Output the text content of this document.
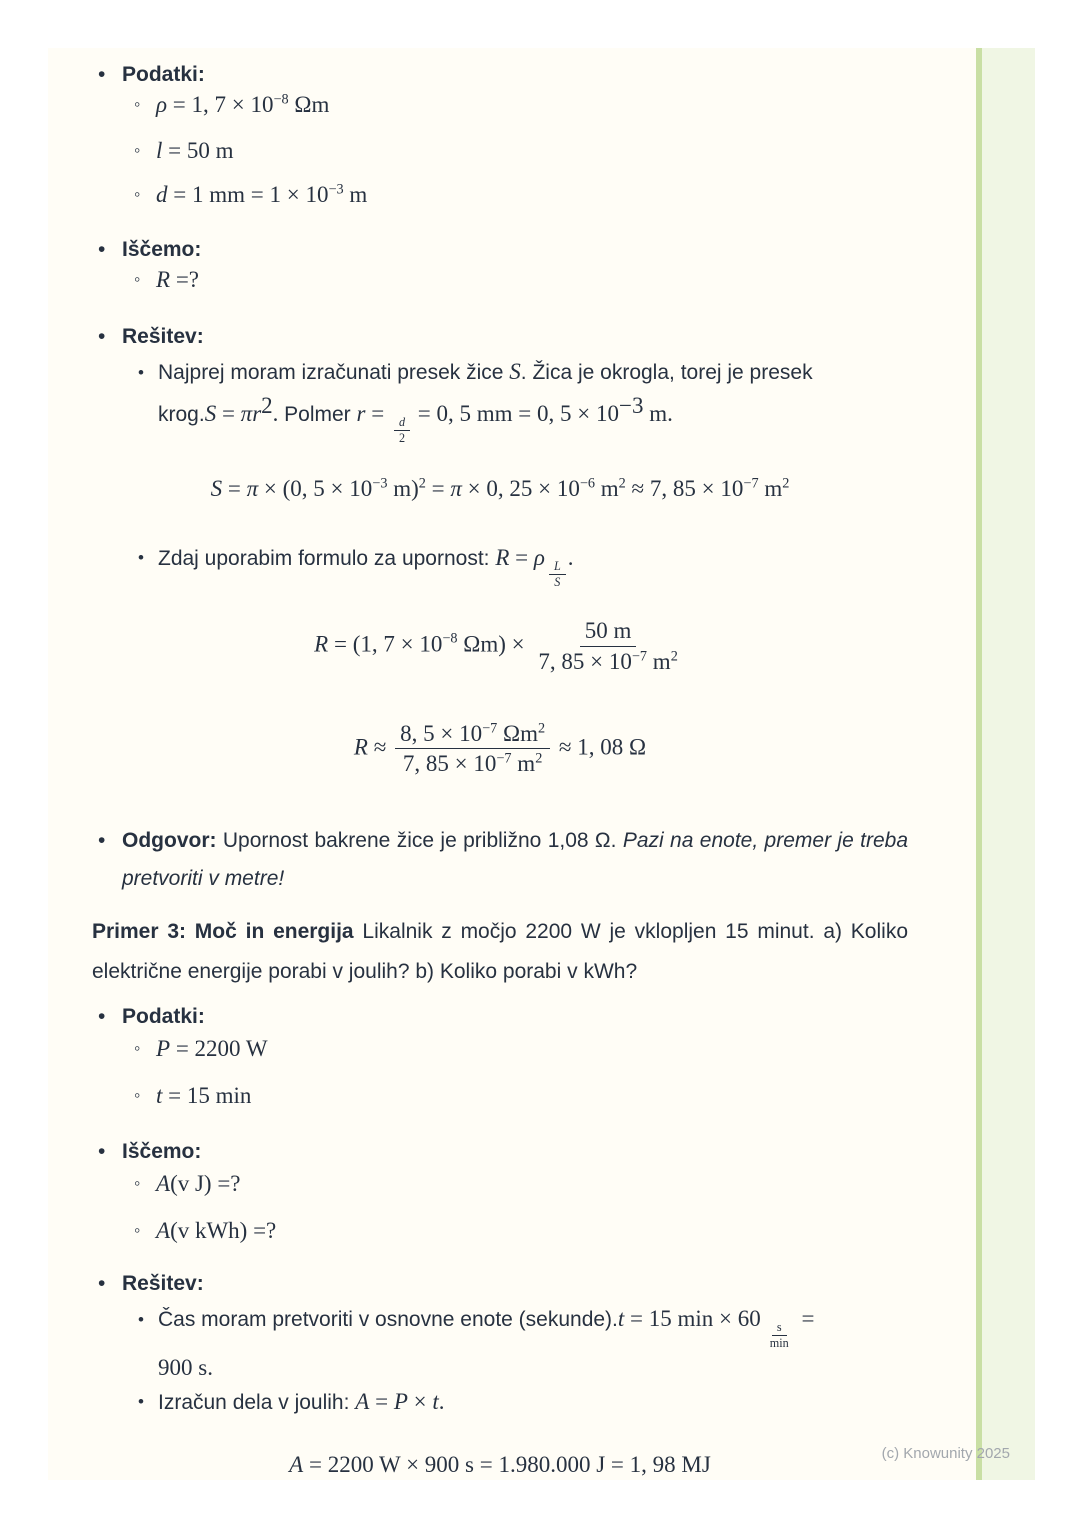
• Podatki:
◦ ρ = 1, $7 \times 10^{-8}$ Ωm
◦ l = 50 m
◦ d = 1 mm = $1 \times 10^{-3}$ m
• Iščemo:
◦ R =?
• Rešitev:
• Najprej moram izračunati presek žice S. Žica je okrogla, torej je presek
krog.S = $\pi r^2$. Polmer r =
$\frac{d}{2}$
= 0, 5 mm = 0, $5 \times 10^{-3}$ m.
S = π × (0, $5 \times 10^{-3}$ m)$^2$ = π × 0, $25 \times 10^{-6}$ $m^2 \approx 7$, $85 \times 10^{-7}$ $m^2$
• Zdaj uporabim formulo za upornost: R = ρ
$\frac{L}{S}$
.
R = (1, $7 \times 10^{-8}$ $\Omega m) \times \frac{50 m}{7, 85 \times 10^{-7} m^2}$
$R \approx \frac{8, 5 \times 10^{-7} \Omega m^2}{7, 85 \times 10^{-7} m^2} \approx 1$, 08 Ω
• Odgovor: Upornost bakrene žice je približno 1,08 Ω. Pazi na enote, premer je treba pretvoriti v metre!
Primer 3: Moč in energija Likalnik z močjo 2200 W je vklopljen 15 minut. a) Koliko električne energije porabi v joulih? b) Koliko porabi v kWh?
• Podatki:
◦ P = 2200 W
◦ t = 15 min
• Iščemo:
◦ A(v J) =?
◦ A(v kWh) =?
• Rešitev:
• Čas moram pretvoriti v osnovne enote (sekunde).t = 15 min × 60
$\frac{s}{\min}$
=
900 s.
• Izračun dela v joulih: A = P × t.
A = 2200 W × 900 s = 1.980.000 J = 1, 98 MJ	(c) Knowunity 2025
